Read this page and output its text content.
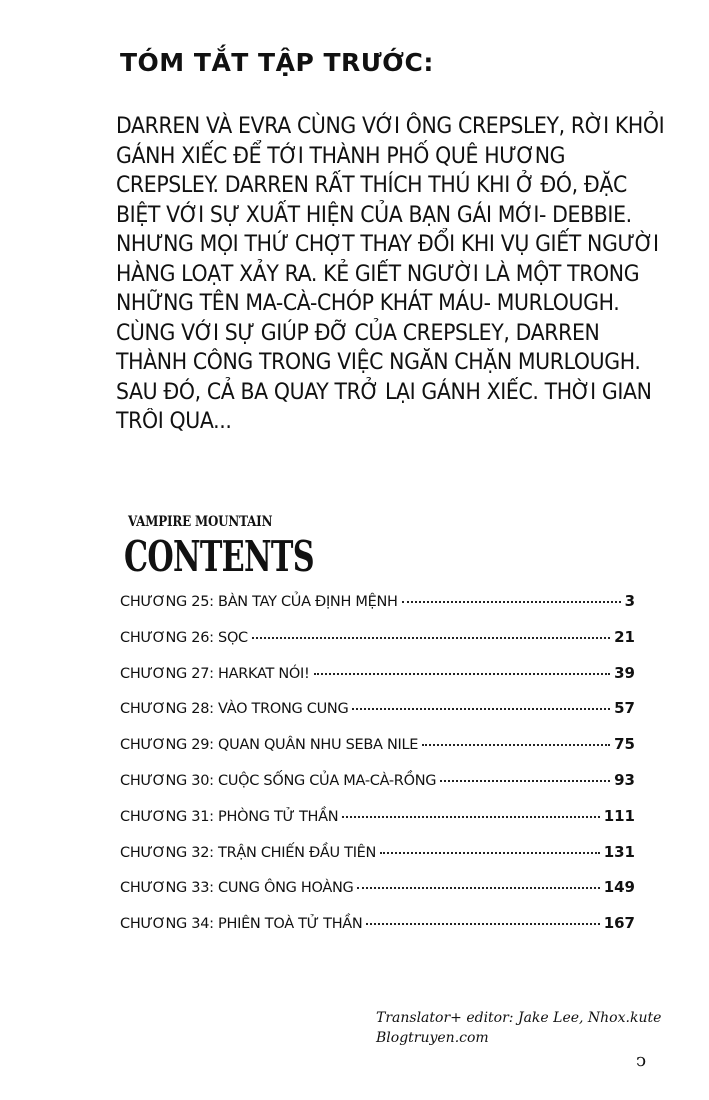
TÓM TẮT TẬP TRƯỚC:
DARREN VÀ EVRA CÙNG VỚI ÔNG CREPSLEY, RỜI KHỎI
GÁNH XIẾC ĐỂ TỚI THÀNH PHỐ QUÊ HƯƠNG
CREPSLEY. DARREN RẤT THÍCH THÚ KHI Ở ĐÓ, ĐẶC
BIỆT VỚI SỰ XUẤT HIỆN CỦA BẠN GÁI MỚI- DEBBIE.
NHƯNG MỌI THỨ CHỢT THAY ĐỔI KHI VỤ GIẾT NGƯỜI
HÀNG LOẠT XẢY RA. KẺ GIẾT NGƯỜI LÀ MỘT TRONG
NHỮNG TÊN MA-CÀ-CHÓP KHÁT MÁU- MURLOUGH.
CÙNG VỚI SỰ GIÚP ĐỠ CỦA CREPSLEY, DARREN
THÀNH CÔNG TRONG VIỆC NGĂN CHẶN MURLOUGH.
SAU ĐÓ, CẢ BA QUAY TRỞ LẠI GÁNH XIẾC. THỜI GIAN
TRÔI QUA...
VAMPIRE MOUNTAIN
CONTENTS
CHƯƠNG 25: BÀN TAY CỦA ĐỊNH MỆNH	3
CHƯƠNG 26: SỌC	21
CHƯƠNG 27: HARKAT NÓI!	39
CHƯƠNG 28: VÀO TRONG CUNG	57
CHƯƠNG 29: QUAN QUÂN NHU SEBA NILE	75
CHƯƠNG 30: CUỘC SỐNG CỦA MA-CÀ-RỒNG	93
CHƯƠNG 31: PHÒNG TỬ THẦN	111
CHƯƠNG 32: TRẬN CHIẾN ĐẦU TIÊN	131
CHƯƠNG 33: CUNG ÔNG HOÀNG	149
CHƯƠNG 34: PHIÊN TOÀ TỬ THẦN	167
Translator+ editor: Jake Lee, Nhox.kute
Blogtruyen.com
ↄ
